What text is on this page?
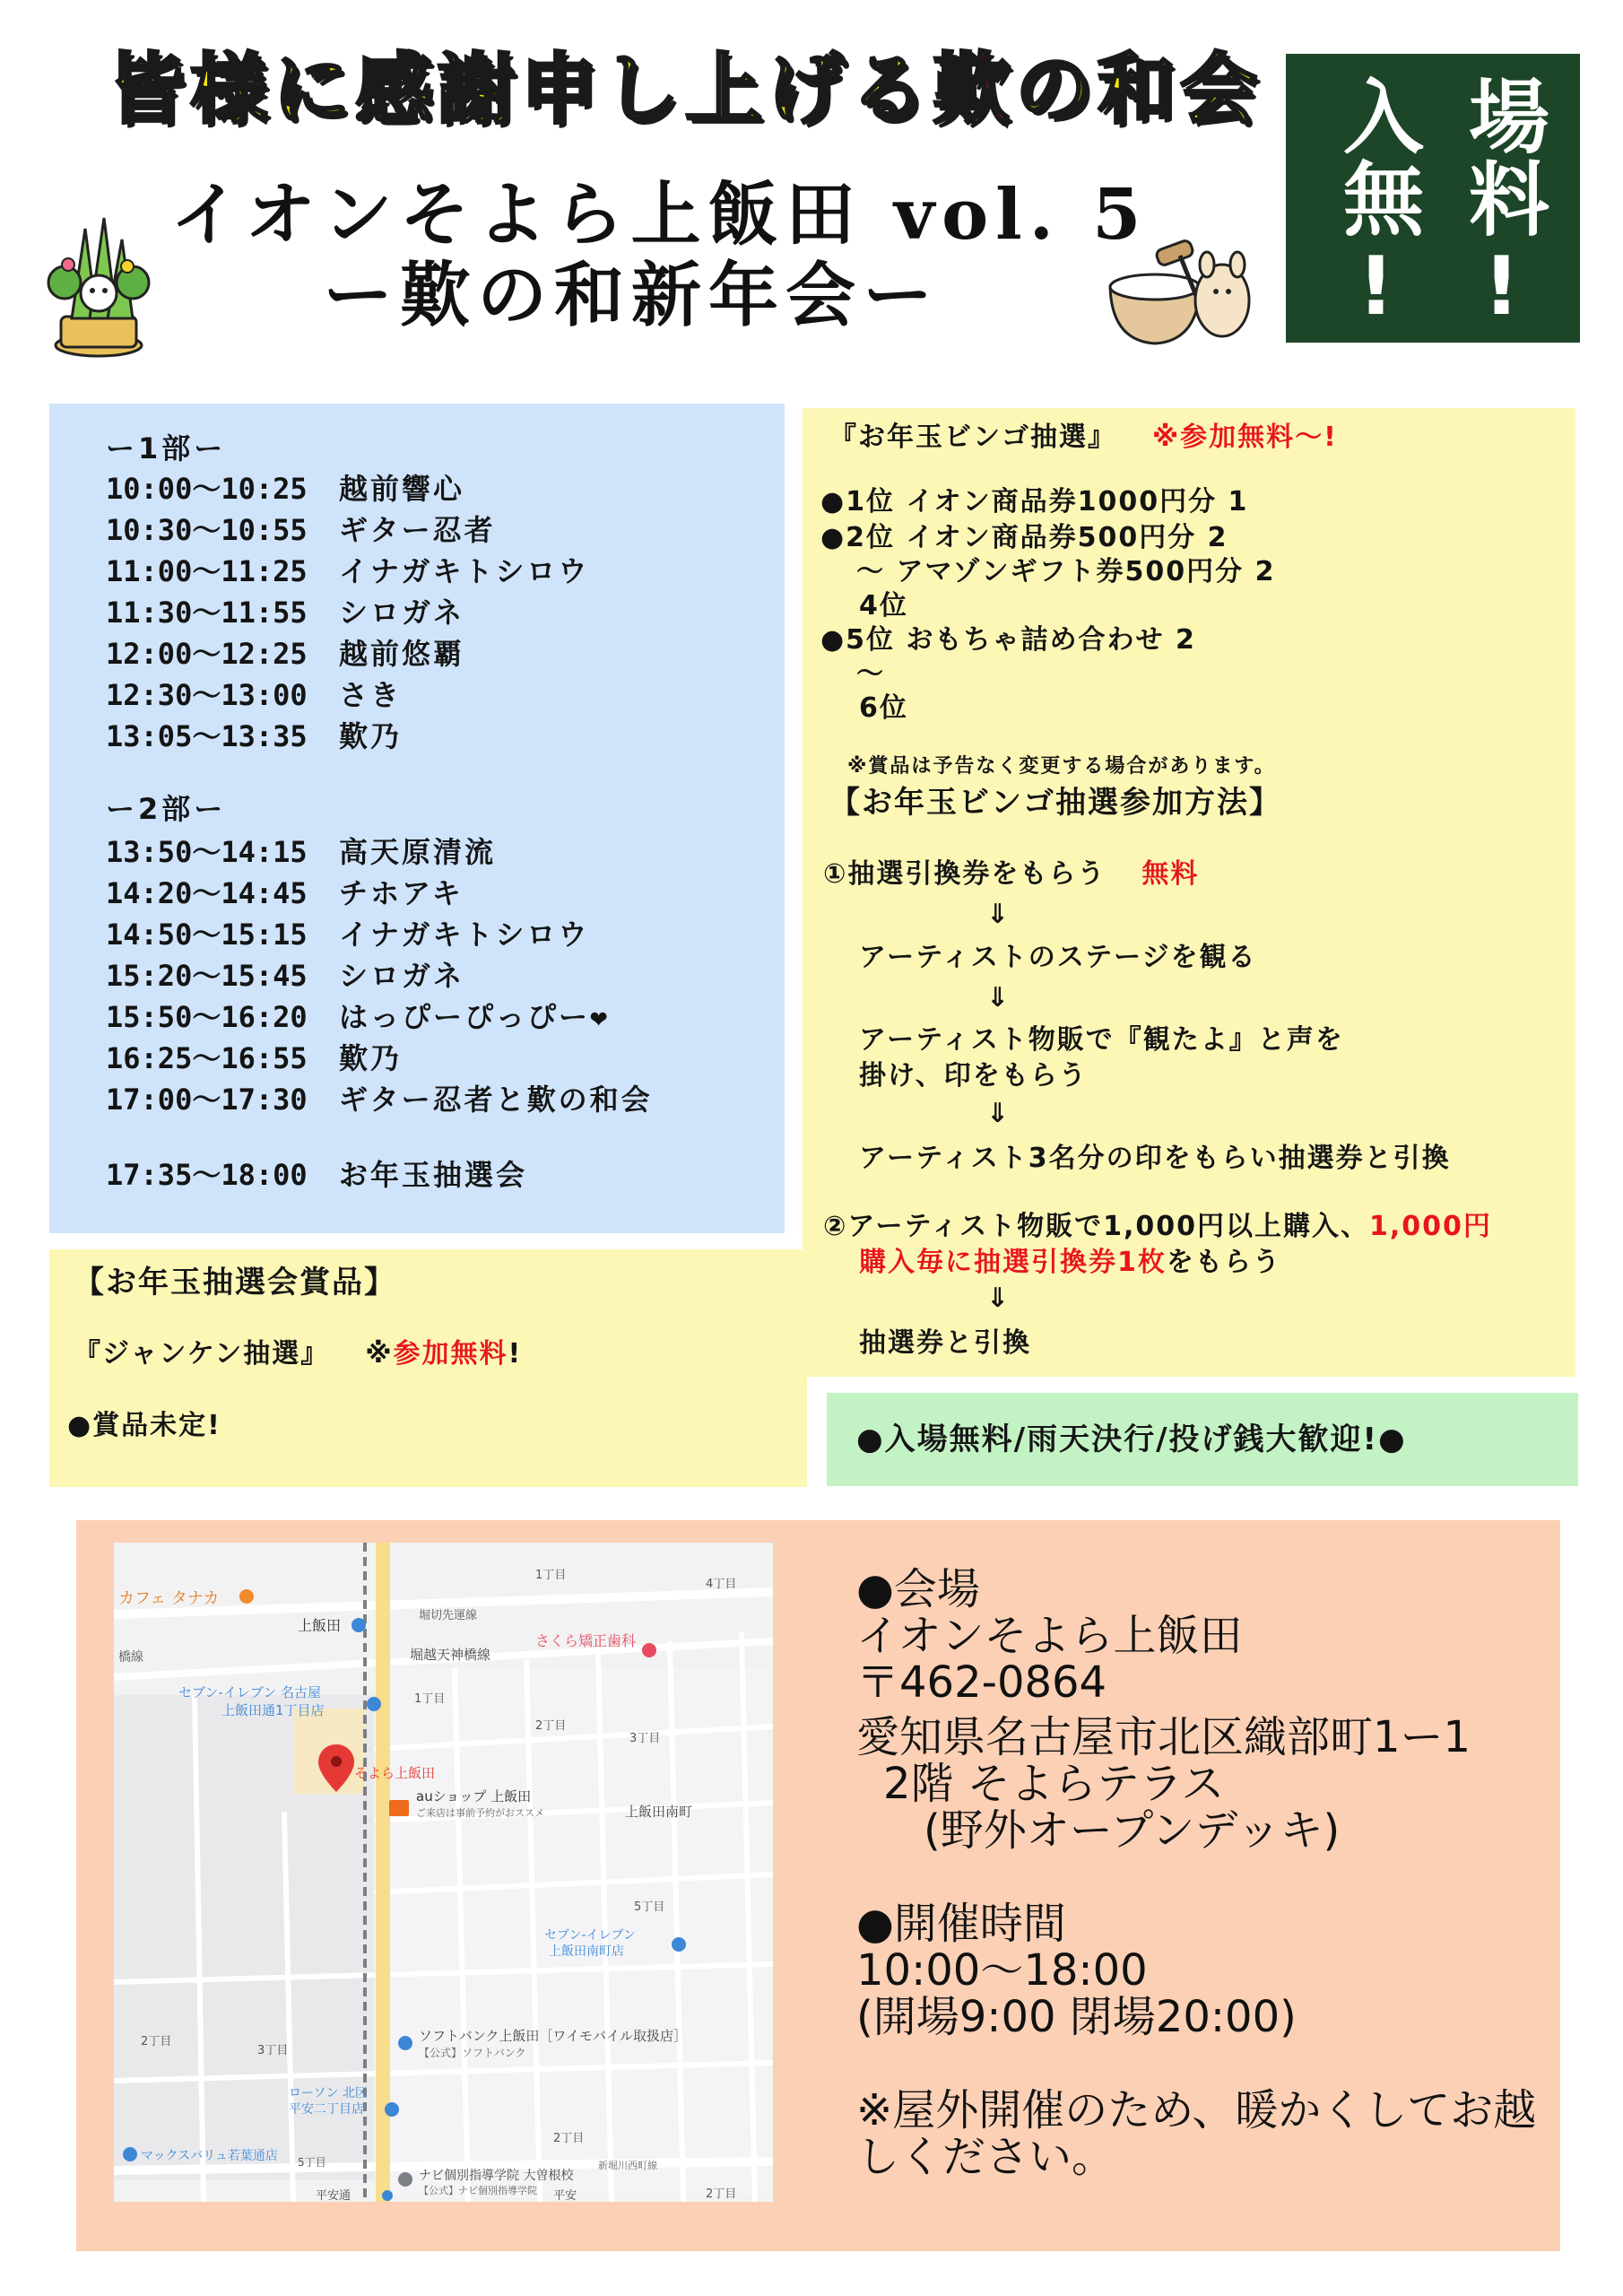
皆様に感謝申し上げる歎の和会
イオンそよら上飯田 vol. 5
ー歎の和新年会ー	場料!
入無!
ー1部ー
10:00〜10:25 越前響心
10:30〜10:55 ギター忍者
11:00〜11:25 イナガキトシロウ
11:30〜11:55 シロガネ
12:00〜12:25 越前悠覇
12:30〜13:00 さき
13:05〜13:35 歎乃
ー2部ー
13:50〜14:15 高天原清流
14:20〜14:45 チホアキ
14:50〜15:15 イナガキトシロウ
15:20〜15:45 シロガネ
15:50〜16:20 はっぴーぴっぴー❤
16:25〜16:55 歎乃
17:00〜17:30 ギター忍者と歎の和会
17:35〜18:00 お年玉抽選会
『お年玉ビンゴ抽選』 ※参加無料〜!
●1位 イオン商品券1000円分 1
●2位 イオン商品券500円分 2
〜 アマゾンギフト券500円分 2
4位
●5位 おもちゃ詰め合わせ 2
〜
6位
※賞品は予告なく変更する場合があります。
【お年玉ビンゴ抽選参加方法】
①抽選引換券をもらう 無料
⇓
アーティストのステージを観る
⇓
アーティスト物販で『観たよ』と声を
掛け、印をもらう
⇓
アーティスト3名分の印をもらい抽選券と引換
②アーティスト物販で1,000円以上購入、1,000円
購入毎に抽選引換券1枚をもらう
⇓
抽選券と引換
【お年玉抽選会賞品】
『ジャンケン抽選』 ※参加無料!
●賞品未定!	●入場無料/雨天決行/投げ銭大歓迎!●
カフェ タナカ
上飯田
堀切先運線
さくら矯正歯科
橋線	堀越天神橋線
セブン-イレブン 名古屋
上飯田通1丁目店
1丁目
1丁目
2丁目
3丁目
そよら上飯田
auショップ 上飯田
ご来店は事前予約がおススメ	上飯田南町
5丁目
セブン-イレブン
上飯田南町店
ソフトバンク上飯田［ワイモバイル取扱店］
【公式】ソフトバンク
2丁目
3丁目
ローソン 北区
平安二丁目店
マックスバリュ若葉通店
2丁目
ナビ個別指導学院 大曽根校
【公式】ナビ個別指導学院
5丁目	新堀川西町線
平安
平安通	2丁目
4丁目	●会場
イオンそよら上飯田
〒462-0864
愛知県名古屋市北区織部町1ー1
2階 そよらテラス
(野外オープンデッキ)
●開催時間
10:00〜18:00
(開場9:00 閉場20:00)
※屋外開催のため、暖かくしてお越
しください。
